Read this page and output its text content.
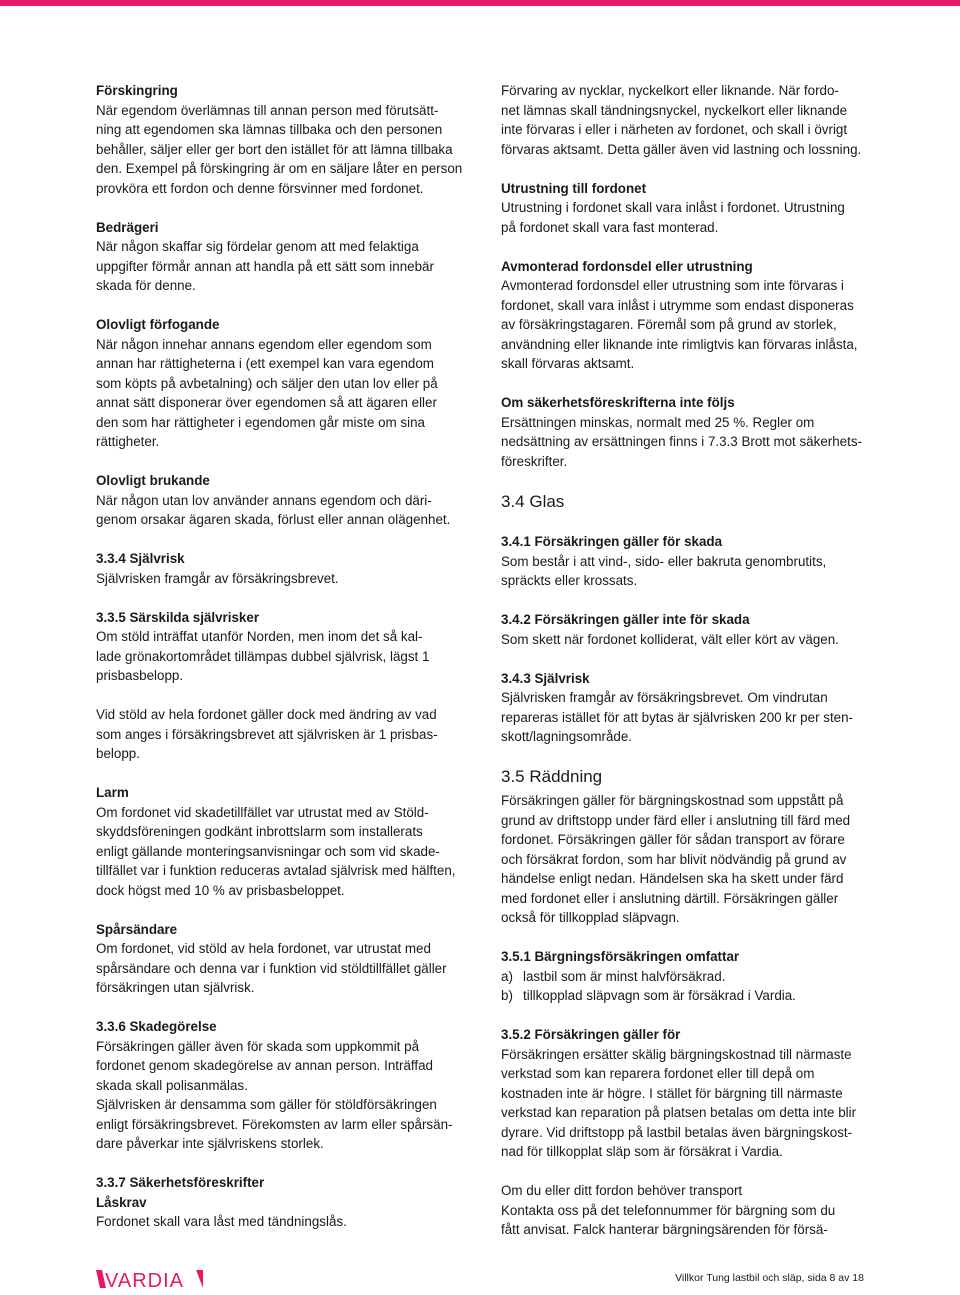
Förskingring
När egendom överlämnas till annan person med förutsätt-
ning att egendomen ska lämnas tillbaka och den personen
behåller, säljer eller ger bort den istället för att lämna tillbaka
den. Exempel på förskingring är om en säljare låter en person
provköra ett fordon och denne försvinner med fordonet.
Bedrägeri
När någon skaffar sig fördelar genom att med felaktiga
uppgifter förmår annan att handla på ett sätt som innebär
skada för denne.
Olovligt förfogande
När någon innehar annans egendom eller egendom som
annan har rättigheterna i (ett exempel kan vara egendom
som köpts på avbetalning) och säljer den utan lov eller på
annat sätt disponerar över egendomen så att ägaren eller
den som har rättigheter i egendomen går miste om sina
rättigheter.
Olovligt brukande
När någon utan lov använder annans egendom och däri-
genom orsakar ägaren skada, förlust eller annan olägenhet.
3.3.4 Självrisk
Självrisken framgår av försäkringsbrevet.
3.3.5 Särskilda självrisker
Om stöld inträffat utanför Norden, men inom det så kal-
lade grönakortområdet tillämpas dubbel självrisk, lägst 1
prisbasbelopp.
Vid stöld av hela fordonet gäller dock med ändring av vad
som anges i försäkringsbrevet att självrisken är 1 prisbas-
belopp.
Larm
Om fordonet vid skadetillfället var utrustat med av Stöld-
skyddsföreningen godkänt inbrottslarm som installerats
enligt gällande monteringsanvisningar och som vid skade-
tillfället var i funktion reduceras avtalad självrisk med hälften,
dock högst med 10 % av prisbasbeloppet.
Spårsändare
Om fordonet, vid stöld av hela fordonet, var utrustat med
spårsändare och denna var i funktion vid stöldtillfället gäller
försäkringen utan självrisk.
3.3.6 Skadegörelse
Försäkringen gäller även för skada som uppkommit på
fordonet genom skadegörelse av annan person. Inträffad
skada skall polisanmälas.
Självrisken är densamma som gäller för stöldförsäkringen
enligt försäkringsbrevet. Förekomsten av larm eller spårsän-
dare påverkar inte självriskens storlek.
3.3.7 Säkerhetsföreskrifter
Låskrav
Fordonet skall vara låst med tändningslås.
Förvaring av nycklar, nyckelkort eller liknande. När fordo-
net lämnas skall tändningsnyckel, nyckelkort eller liknande
inte förvaras i eller i närheten av fordonet, och skall i övrigt
förvaras aktsamt. Detta gäller även vid lastning och lossning.
Utrustning till fordonet
Utrustning i fordonet skall vara inlåst i fordonet. Utrustning
på fordonet skall vara fast monterad.
Avmonterad fordonsdel eller utrustning
Avmonterad fordonsdel eller utrustning som inte förvaras i
fordonet, skall vara inlåst i utrymme som endast disponeras
av försäkringstagaren. Föremål som på grund av storlek,
användning eller liknande inte rimligtvis kan förvaras inlåsta,
skall förvaras aktsamt.
Om säkerhetsföreskrifterna inte följs
Ersättningen minskas, normalt med 25 %. Regler om
nedsättning av ersättningen finns i 7.3.3 Brott mot säkerhets-
föreskrifter.
3.4 Glas
3.4.1 Försäkringen gäller för skada
Som består i att vind-, sido- eller bakruta genombrutits,
spräckts eller krossats.
3.4.2 Försäkringen gäller inte för skada
Som skett när fordonet kolliderat, vält eller kört av vägen.
3.4.3 Självrisk
Självrisken framgår av försäkringsbrevet. Om vindrutan
repareras istället för att bytas är självrisken 200 kr per sten-
skott/lagningsområde.
3.5 Räddning
Försäkringen gäller för bärgningskostnad som uppstått på
grund av driftstopp under färd eller i anslutning till färd med
fordonet. Försäkringen gäller för sådan transport av förare
och försäkrat fordon, som har blivit nödvändig på grund av
händelse enligt nedan. Händelsen ska ha skett under färd
med fordonet eller i anslutning därtill. Försäkringen gäller
också för tillkopplad släpvagn.
3.5.1 Bärgningsförsäkringen omfattar
a) lastbil som är minst halvförsäkrad.
b) tillkopplad släpvagn som är försäkrad i Vardia.
3.5.2 Försäkringen gäller för
Försäkringen ersätter skälig bärgningskostnad till närmaste
verkstad som kan reparera fordonet eller till depå om
kostnaden inte är högre. I stället för bärgning till närmaste
verkstad kan reparation på platsen betalas om detta inte blir
dyrare. Vid driftstopp på lastbil betalas även bärgningskost-
nad för tillkopplat släp som är försäkrat i Vardia.
Om du eller ditt fordon behöver transport
Kontakta oss på det telefonnummer för bärgning som du
fått anvisat. Falck hanterar bärgningsärenden för försä-
VARDIA	Villkor Tung lastbil och släp, sida 8 av 18
